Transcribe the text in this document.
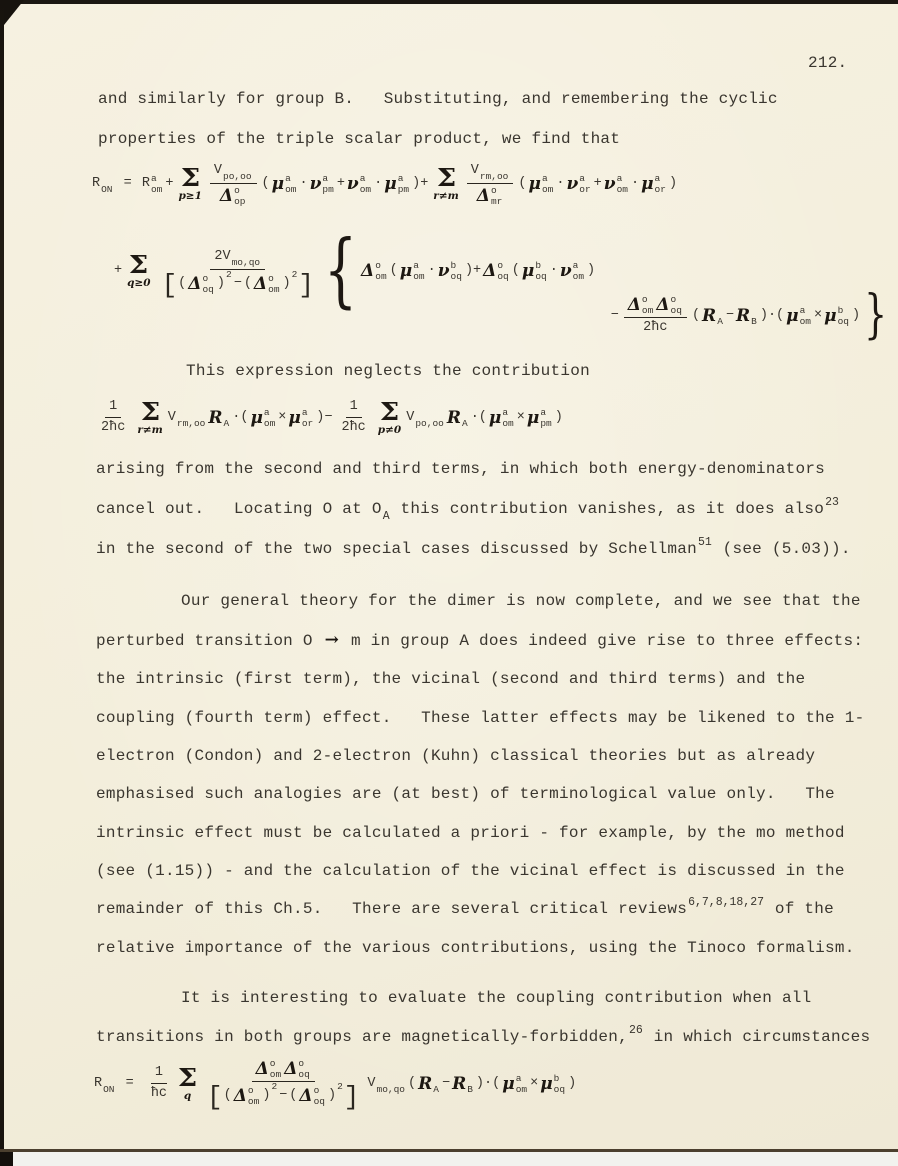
212.
and similarly for group B.   Substituting, and remembering the cyclic
properties of the triple scalar product, we find that
R
ON = R a
om + Σ
p≥1 V
po,oo
Δ o
op ( μ a
om · ν a
pm + ν a
om · μ a
pm )+ Σ
r≠m V
rm,oo
Δ o
mr ( μ a
om · ν a
or + ν a
om · μ a
or )
+ Σ
q≥0 2V
mo,qo
[ ( Δ o
oq )
2
− ( Δ o
om )
2 ] { Δ o
om ( μ a
om · ν b
oq )+ Δ o
oq ( μ b
oq · ν a
om )
− Δ o
om Δ o
oq
2ħc ( R
A − R
B )·( μ a
om × μ b
oq ) }
This expression neglects the contribution
$\frac{1}{2ħc}$ Σ
r≠m
V
rm,oo R
A ·( μ a
om × μ a
or )− $\frac{1}{2ħc}$ Σ
p≠0
V
po,oo R
A ·( μ a
om × μ a
pm )
arising from the second and third terms, in which both energy-denominators
cancel out.   Locating O at $O_A$ this contribution vanishes, as it does also$^{23}$
in the second of the two special cases discussed by Schellman$^{51}$ (see (5.03)).
Our general theory for the dimer is now complete, and we see that the
perturbed transition O → m in group A does indeed give rise to three effects:
the intrinsic (first term), the vicinal (second and third terms) and the
coupling (fourth term) effect.   These latter effects may be likened to the 1-
electron (Condon) and 2-electron (Kuhn) classical theories but as already
emphasised such analogies are (at best) of terminological value only.   The
intrinsic effect must be calculated a priori - for example, by the mo method
(see (1.15)) - and the calculation of the vicinal effect is discussed in the
remainder of this Ch.5.   There are several critical reviews$^{6,7,8,18,27}$ of the
relative importance of the various contributions, using the Tinoco formalism.
It is interesting to evaluate the coupling contribution when all
transitions in both groups are magnetically-forbidden,$^{26}$ in which circumstances
R
ON = $\frac{1}{ħc}$ Σ
q Δ o
om Δ o
oq
[ ( Δ o
om )
2
− ( Δ o
oq )
2 ] V
mo,qo ( R
A − R
B )·( μ a
om × μ b
oq )
